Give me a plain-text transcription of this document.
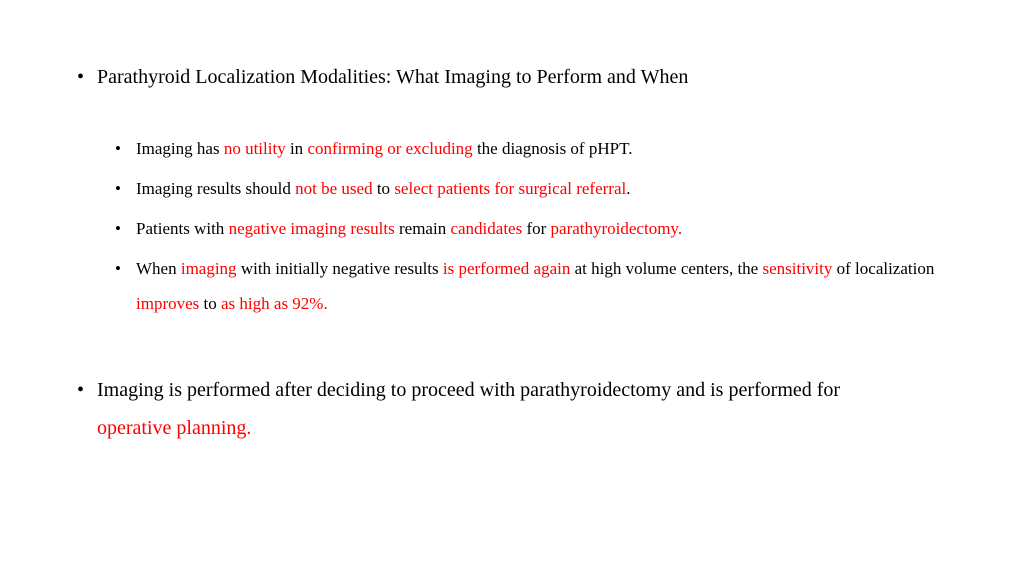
• Parathyroid Localization Modalities: What Imaging to Perform and When
• Imaging has no utility in confirming or excluding the diagnosis of pHPT.
• Imaging results should not be used to select patients for surgical referral.
• Patients with negative imaging results remain candidates for parathyroidectomy.
• When imaging with initially negative results is performed again at high volume centers, the sensitivity of localization improves to as high as 92%.
• Imaging is performed after deciding to proceed with parathyroidectomy and is performed for operative planning.
